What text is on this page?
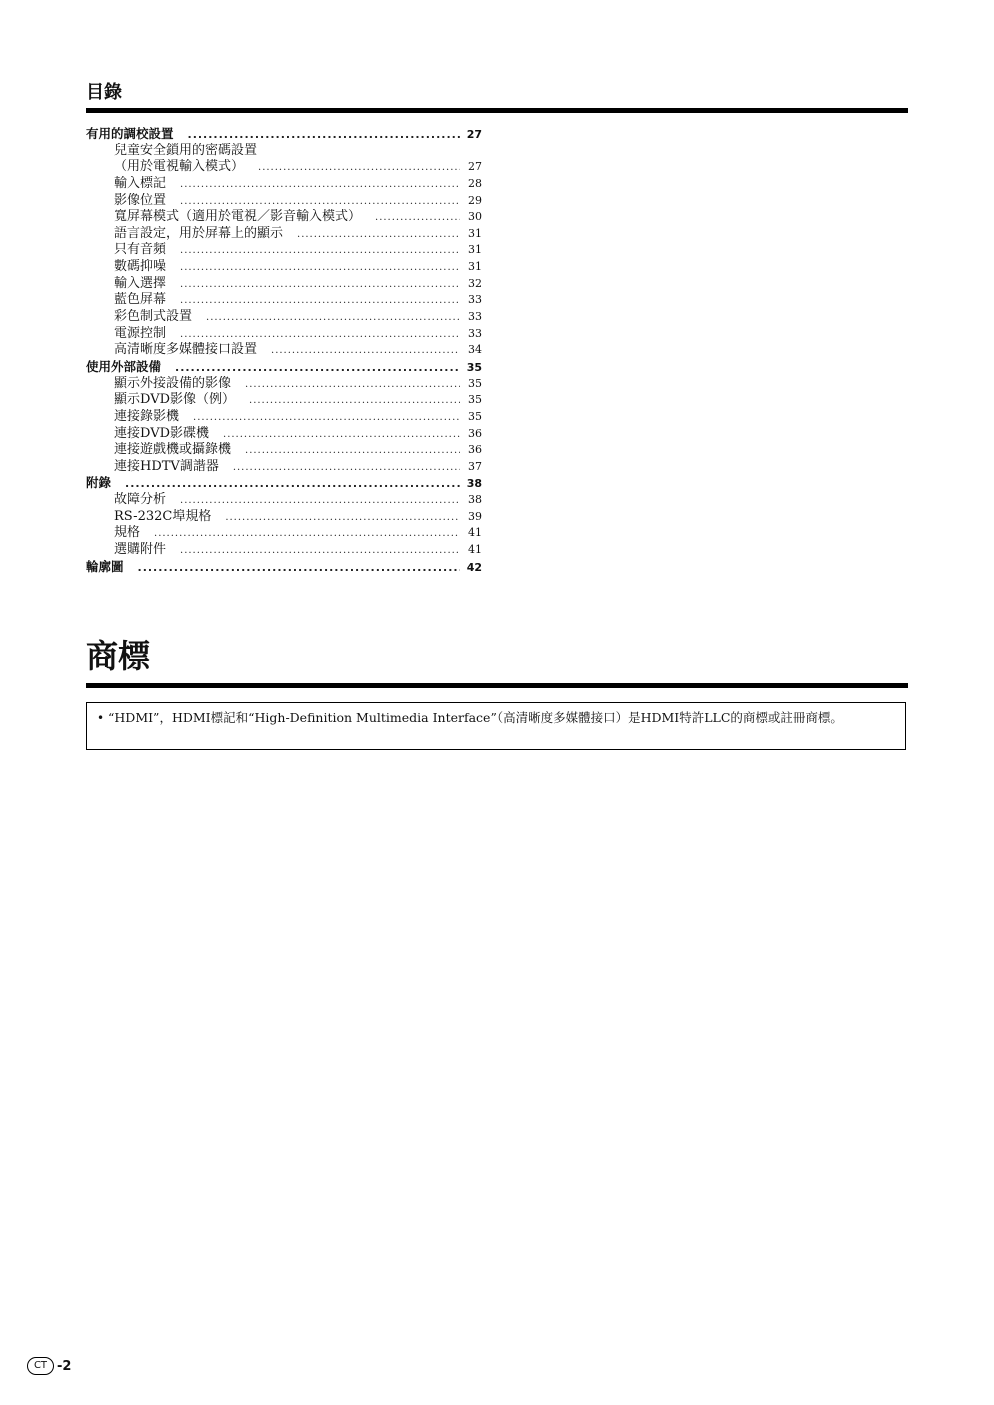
目錄
有用的調校設置 .....	27
兒童安全鎖用的密碼設置
（用於電視輸入模式） .....	27
輸入標記 .....	28
影像位置 .....	29
寬屏幕模式（適用於電視／影音輸入模式） .....	30
語言設定，用於屏幕上的顯示 .....	31
只有音頻 .....	31
數碼抑噪 .....	31
輸入選擇 .....	32
藍色屏幕 .....	33
彩色制式設置 .....	33
電源控制 .....	33
高清晰度多媒體接口設置 .....	34
使用外部設備 .....	35
顯示外接設備的影像 .....	35
顯示DVD影像（例） .....	35
連接錄影機 .....	35
連接DVD影碟機 .....	36
連接遊戲機或攝錄機 .....	36
連接HDTV調諧器 .....	37
附錄 .....	38
故障分析 .....	38
RS-232C埠規格 .....	39
規格 .....	41
選購附件 .....	41
輪廓圖 .....	42
商標
• “HDMI”，HDMI標記和“High-Definition Multimedia Interface”（高清晰度多媒體接口）是HDMI特許LLC的商標或註冊商標。
CT -2
